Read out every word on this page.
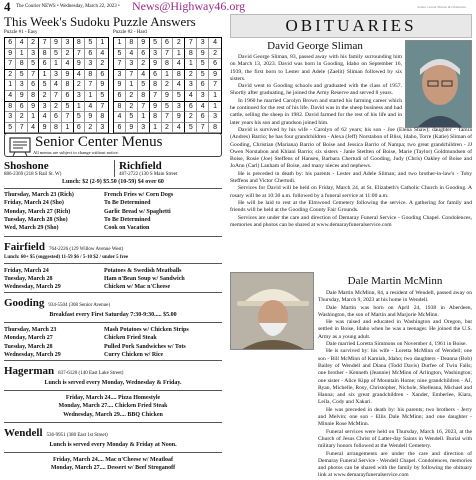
4 The Courier NEWS • Wednesday, March 22, 2023 • News@Highway46.org	Senior Center Menus & Obituaries
This Week's Sudoku Puzzle Answers
Puzzle #1 - Easy	Puzzle #2 - Hard
6	4	2	7	9	3	8	5	1
9	1	3	8	5	2	7	6	4
7	8	5	6	1	4	9	3	2
2	5	7	1	3	9	4	8	6
1	3	6	5	4	8	2	7	9
4	9	8	2	7	6	3	1	5
8	6	9	3	2	5	1	4	7
3	2	1	4	6	7	5	9	8
5	7	4	9	8	1	6	2	3
1	8	9	5	6	2	7	3	4
5	4	6	3	7	1	8	9	2
7	3	2	9	8	4	1	5	6
3	7	4	6	1	8	2	5	9
9	1	5	8	2	4	3	6	7
6	2	8	7	9	5	4	3	1
8	2	7	9	5	3	6	4	1
4	5	1	8	7	9	2	6	3
6	9	3	1	2	4	5	7	8
Senior Center Menus
All menus are subject to change without notice.
Shoshone
886-2369 (218 S Rail St. W)
Richfield
487-2722 (130 S Main Street
Lunch: $2 (2-9) $5.50 (10-59) $4 over 60
Thursday, March 23 (Rich)	French Fries w/ Corn Dogs
Friday, March 24 (Sho)	To Be Determined
Monday, March 27 (Rich)	Garlic Bread w/ Spaghetti
Tuesday, March 28 (Sho)	To Be Determined
Wed, March 29 (Sho)	Cook on Vacation
Fairfield 764-2226 (129 Willow Avenue West)
Lunch: 60+ $5 (suggested) 11-59 $6 / 5-10 $2 / under 5 free
Friday, March 24	Potatoes & Swedish Meatballs
Tuesday, March 28	Ham n'Bean Soup w/ Sandwich
Wednesday, March 29	Chicken w/ Mac n'Cheese
Gooding 934-5504 (308 Senior Avenue)
Breakfast every First Saturday 7:30-9:30..... $5.00
Thursday, March 23	Mash Potatoes w/ Chicken Strips
Monday, March 27	Chicken Fried Steak
Tuesday, March 28	Pulled Pork Sandwiches w/ Tots
Wednesday, March 29	Curry Chicken w/ Rice
Hagerman 837-6120 (140 East Lake Street)
Lunch is served every Monday, Wednesday & Friday.
Friday, March 24.... Pizza Homestyle
Monday, March 27.... Chicken Fried Steak
Wednesday, March 29.... BBQ Chicken
Wendell 536-9951 (380 East 1st Street)
Lunch is served every Monday & Friday at Noon.
Friday, March 24.... Mac n'Cheese w/ Meatloaf
Monday, March 27.... Dessert w/ Beef Stroganoff
OBITUARIES
David George Sliman

David George Sliman, 83, passed away with his family surrounding him on March 13, 2023. David was born in Gooding, Idaho on September 16, 1939, the first born to Lester and Adele (Zaelit) Sliman followed by six sisters.

David went to Gooding schools and graduated with the class of 1957. Shortly after graduating, he joined the Army Reserve and served 8 years.

In 1960 he married Carolyn Brown and started his farming career which he continued for the rest of his life. David was in the sheep business and had cattle, selling the sheep in 1982. David farmed for the rest of his life and in later years his son and grandson joined him.

David is survived by his wife - Carolyn of 62 years; his son - Joe (Elena Shaw); daughter - Tamra (Andres) Barrio; he has four grandchildren - Alexa (Jeff) Norstabon of Bliss, Idaho, Torre (Katie) Sliman of Gooding, Christian (Mariana) Barrio of Boise and Jessica Barrio of Nampa; two great grandchildren - JJ Owen Norstabon and Khiani Barrio; six sisters - Janie Stetlten of Boise, Marie (Taylor) Goldmundsen of Boise, Rosie (Joe) Steffens of Hansen, Barbara Chertudi of Gooding, Judy (Chris) Oakley of Boise and JoAnn (Carl) Lanham of Boise, and many nieces and nephews.

He is preceded in death by: his parents - Lester and Adele Sliman; and two brother-in-law's - Toby Steffens and Victor Chertudi.

Services for David will be held on Friday, March 24, at St. Elizabeth's Catholic Church in Gooding. A rosary will be at 10:30 a.m. followed by a funeral service at 11:00 a.m.

He will be laid to rest at the Elmwood Cemetery following the service. A gathering for family and friends will be held at the Gooding County Fair Grounds.

Services are under the care and direction of Demaray Funeral Service - Gooding Chapel. Condolences, memories and photos can be shared at www.demarayfuneralservice.com

Dale Martin McMinn

Dale Martin McMinn, 84, a resident of Wendell, passed away on Thursday, March 9, 2023 at his home in Wendell.

Dale Martin was born on April 24, 1938 in Aberdeen, Washington, the son of Martin and Marjorie McMinn.

He was raised and educated in Washington and Oregon, but settled in Boise, Idaho when he was a teenager. He joined the U.S. Army as a young adult.

Dale married Loretta Simmons on November 4, 1961 in Boise.

He is survived by: his wife - Loretta McMinn of Wendell; one son - Bill McMinn of Kamiah, Idaho; two daughters - Deanna (Bob) Bailey of Wendell and Diana (Todd Davis) Durfee of Twin Falls; one brother - Kenneth (Jeannie) McMinn of Arlington, Washington; one sister - Alice Kipp of Mountain Home; nine grandchildren - AJ, Ryan, Michelle, Rosy, Christopher, Nichole, Shelleana, Michael and Hanna; and six great grandchildren - Xander, Emberlee, Kiara, Leila, Cody and Xakari.

He was preceded in death by: his parents; two brothers - Jerry and Melvin; one son - Ellis Dale McMinn; and one daughter - Minnie Rose McMinn.

Funeral services were held on Thursday, March 16, 2023, at the Church of Jesus Christ of Latter-day Saints in Wendell. Burial with military honors followed at the Wendell Cemetery.

Funeral arrangements are under the care and direction of Demaray Funeral Service - Wendell Chapel. Condolences, memories and photos can be shared with the family by following the obituary link at www.demarayfuneralservice.com
